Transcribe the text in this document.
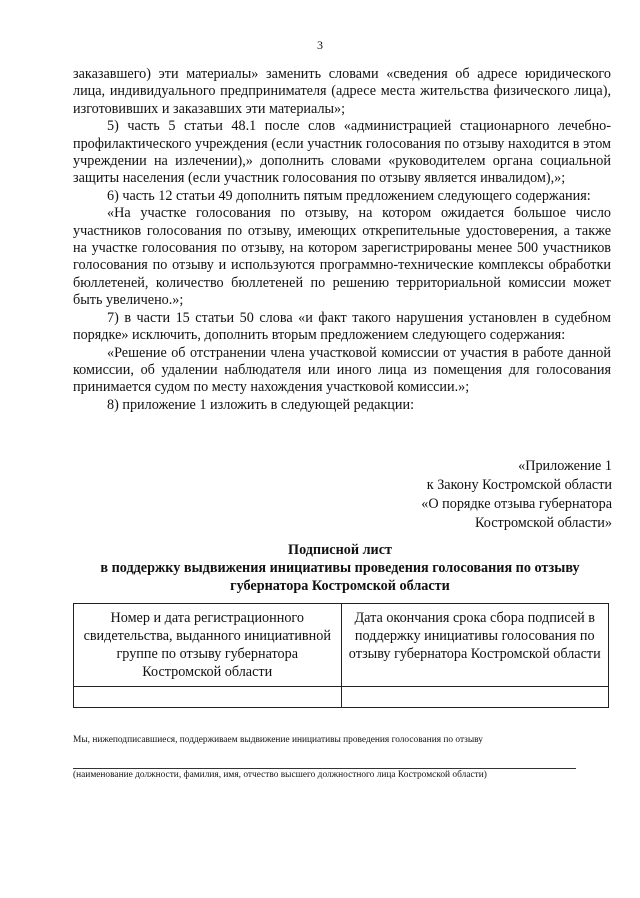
3

заказавшего) эти материалы» заменить словами «сведения об адресе юридического лица, индивидуального предпринимателя (адресе места жительства физического лица), изготовивших и заказавших эти материалы»;

5) часть 5 статьи 48.1 после слов «администрацией стационарного лечебно-профилактического учреждения (если участник голосования по отзыву находится в этом учреждении на излечении),» дополнить словами «руководителем органа социальной защиты населения (если участник голосования по отзыву является инвалидом),»;

6) часть 12 статьи 49 дополнить пятым предложением следующего содержания:

«На участке голосования по отзыву, на котором ожидается большое число участников голосования по отзыву, имеющих открепительные удостоверения, а также на участке голосования по отзыву, на котором зарегистрированы менее 500 участников голосования по отзыву и используются программно-технические комплексы обработки бюллетеней, количество бюллетеней по решению территориальной комиссии может быть увеличено.»;

7) в части 15 статьи 50 слова «и факт такого нарушения установлен в судебном порядке» исключить, дополнить вторым предложением следующего содержания:

«Решение об отстранении члена участковой комиссии от участия в работе данной комиссии, об удалении наблюдателя или иного лица из помещения для голосования принимается судом по месту нахождения участковой комиссии.»;

8) приложение 1 изложить в следующей редакции:

«Приложение 1
к Закону Костромской области
«О порядке отзыва губернатора
Костромской области»
Подписной лист
в поддержку выдвижения инициативы проведения голосования по отзыву
губернатора Костромской области
Номер и дата регистрационного свидетельства, выданного инициативной группе по отзыву губернатора Костромской области	Дата окончания срока сбора подписей в поддержку инициативы голосования по отзыву губернатора Костромской области

Мы, нижеподписавшиеся, поддерживаем выдвижение инициативы проведения голосования по отзыву
(наименование должности, фамилия, имя, отчество высшего должностного лица Костромской области)
